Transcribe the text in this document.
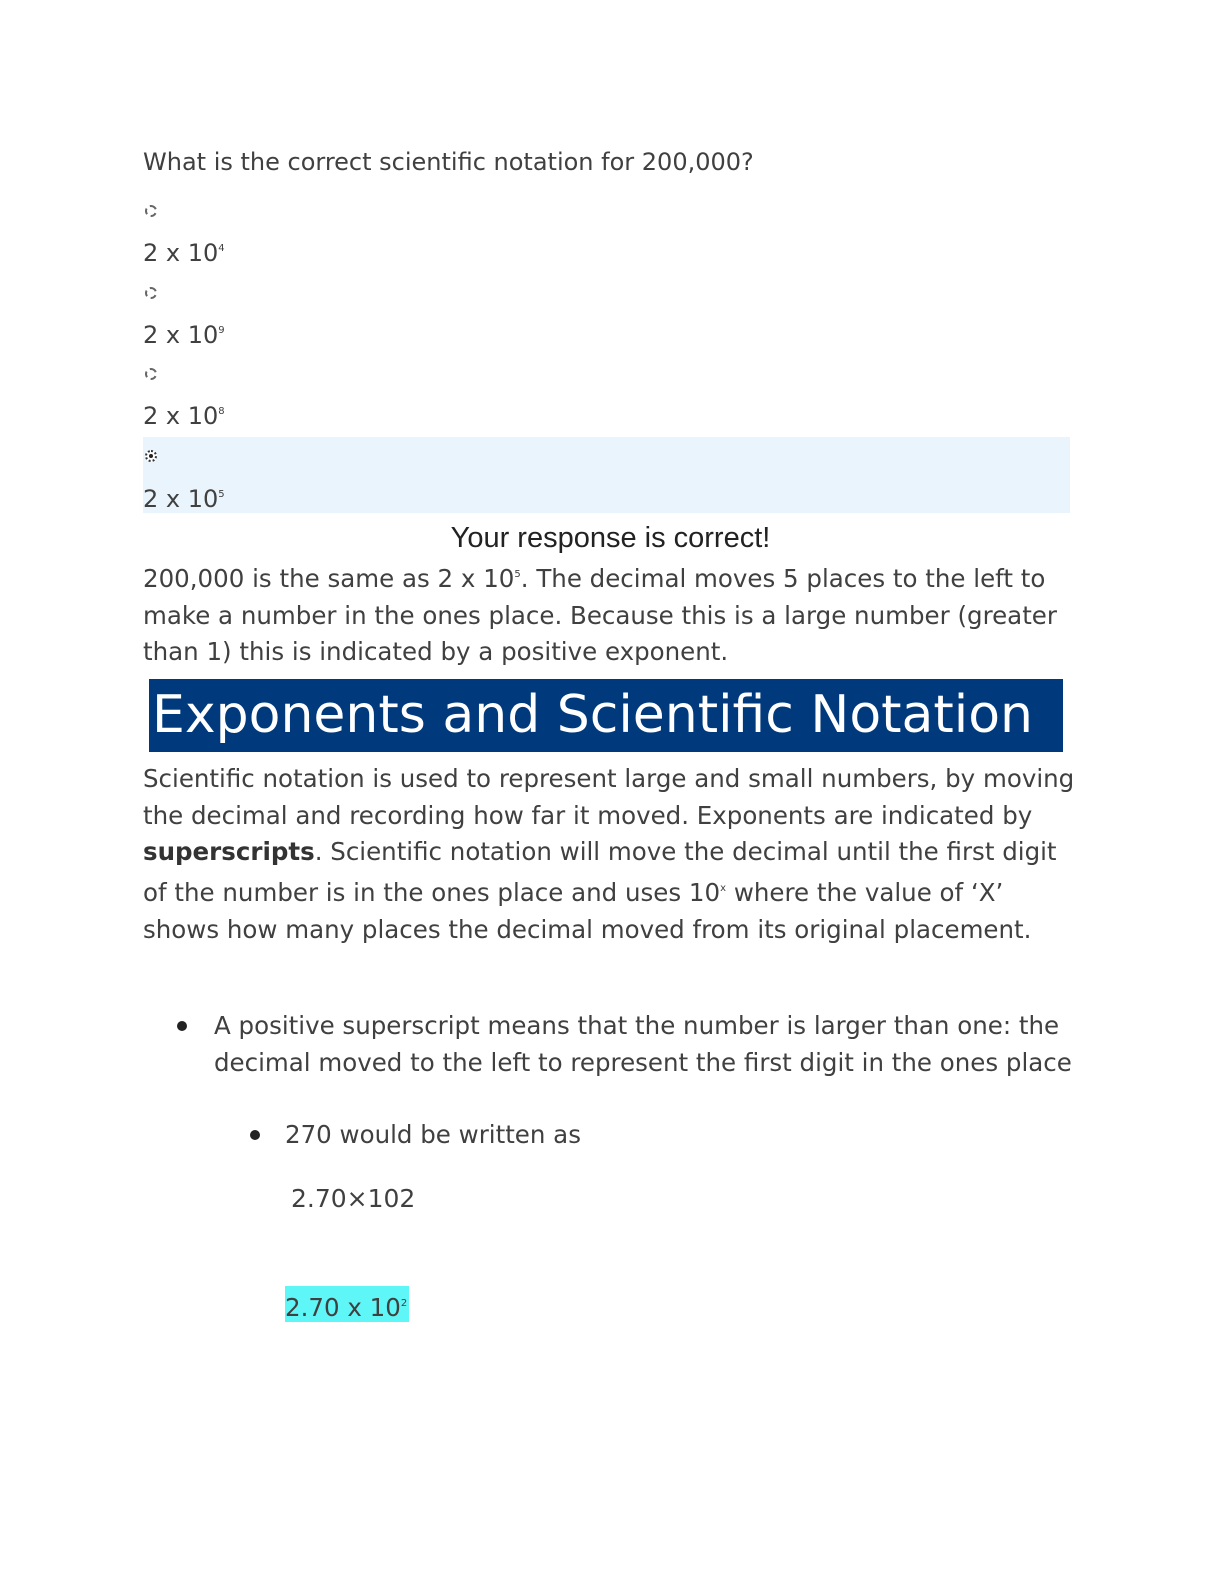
What is the correct scientific notation for 200,000?
2 x $10^4$
2 x $10^9$
2 x $10^8$
2 x $10^5$
Your response is correct!
200,000 is the same as 2 x $10^5$. The decimal moves 5 places to the left to make a number in the ones place. Because this is a large number (greater than 1) this is indicated by a positive exponent.
Exponents and Scientific Notation
Scientific notation is used to represent large and small numbers, by moving the decimal and recording how far it moved. Exponents are indicated by superscripts. Scientific notation will move the decimal until the first digit of the number is in the ones place and uses 10$^x$ where the value of ‘X’ shows how many places the decimal moved from its original placement.
A positive superscript means that the number is larger than one: the decimal moved to the left to represent the first digit in the ones place
270 would be written as
2.70×102
2.70 x $10^2$
